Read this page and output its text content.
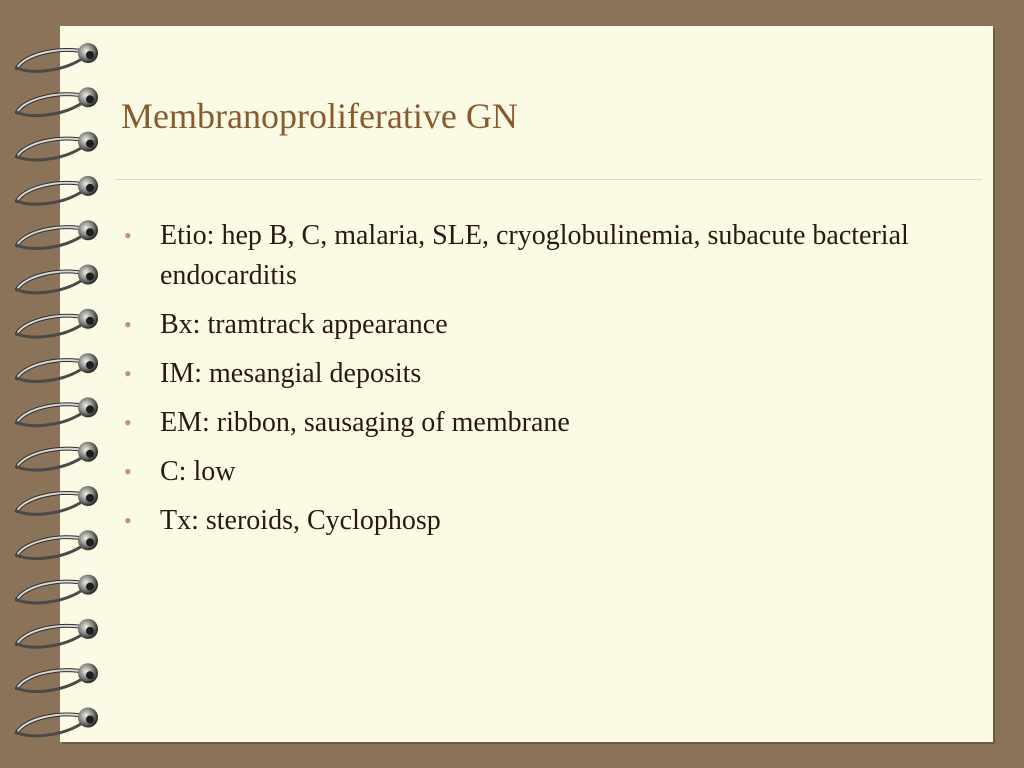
Membranoproliferative GN
• Etio: hep B, C, malaria, SLE, cryoglobulinemia, subacute bacterial endocarditis
• Bx: tramtrack appearance
• IM: mesangial deposits
• EM: ribbon, sausaging of membrane
• C: low
• Tx: steroids, Cyclophosp
